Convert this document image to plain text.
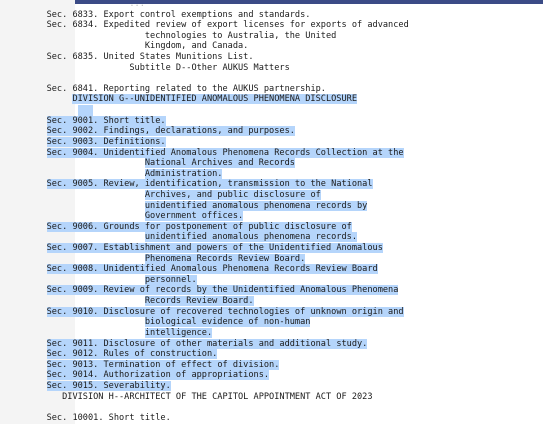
...
Sec. 6833. Export control exemptions and standards.
Sec. 6834. Expedited review of export licenses for exports of advanced
technologies to Australia, the United
Kingdom, and Canada.
Sec. 6835. United States Munitions List.
Subtitle D--Other AUKUS Matters
Sec. 6841. Reporting related to the AUKUS partnership.
DIVISION G--UNIDENTIFIED ANOMALOUS PHENOMENA DISCLOSURE
Sec. 9001. Short title.
Sec. 9002. Findings, declarations, and purposes.
Sec. 9003. Definitions.
Sec. 9004. Unidentified Anomalous Phenomena Records Collection at the
National Archives and Records
Administration.
Sec. 9005. Review, identification, transmission to the National
Archives, and public disclosure of
unidentified anomalous phenomena records by
Government offices.
Sec. 9006. Grounds for postponement of public disclosure of
unidentified anomalous phenomena records.
Sec. 9007. Establishment and powers of the Unidentified Anomalous
Phenomena Records Review Board.
Sec. 9008. Unidentified Anomalous Phenomena Records Review Board
personnel.
Sec. 9009. Review of records by the Unidentified Anomalous Phenomena
Records Review Board.
Sec. 9010. Disclosure of recovered technologies of unknown origin and
biological evidence of non-human
intelligence.
Sec. 9011. Disclosure of other materials and additional study.
Sec. 9012. Rules of construction.
Sec. 9013. Termination of effect of division.
Sec. 9014. Authorization of appropriations.
Sec. 9015. Severability.
DIVISION H--ARCHITECT OF THE CAPITOL APPOINTMENT ACT OF 2023
Sec. 10001. Short title.
